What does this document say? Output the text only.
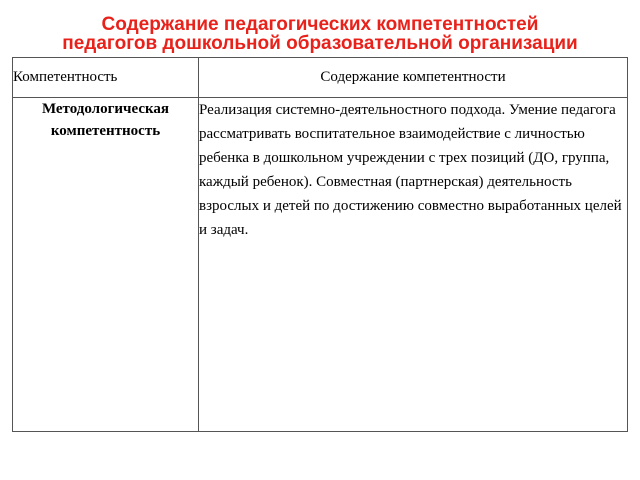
Содержание педагогических компетентностей
педагогов дошкольной образовательной организации
Компетентность	Содержание компетентности

Методологическая
компетентность	Реализация системно-деятельностного подхода. Умение педагога рассматривать воспитательное взаимодействие с личностью ребенка в дошкольном учреждении с трех позиций (ДО, группа, каждый ребенок). Совместная (партнерская) деятельность взрослых и детей по достижению совместно выработанных целей и задач.
